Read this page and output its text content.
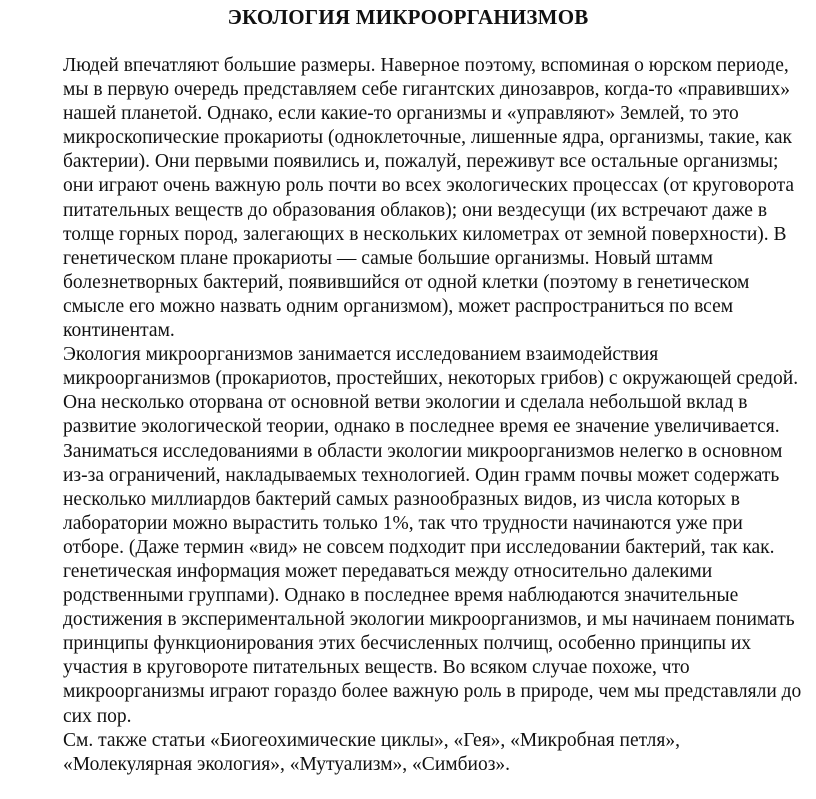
ЭКОЛОГИЯ МИКРООРГАНИЗМОВ

Людей впечатляют большие размеры. Наверное поэтому, вспоминая о юрском периоде, мы в первую очередь представляем себе гигантских динозавров, когда-то «правивших» нашей планетой. Однако, если какие-то организмы и «управляют» Землей, то это микроскопические прокариоты (одноклеточные, лишенные ядра, организмы, такие, как бактерии). Они первыми появились и, пожалуй, переживут все остальные организмы; они играют очень важную роль почти во всех экологических процессах (от круговорота питательных веществ до образования облаков); они вездесущи (их встречают даже в толще горных пород, залегающих в нескольких километрах от земной поверхности). В генетическом плане прокариоты — самые большие организмы. Новый штамм болезнетворных бактерий, появившийся от одной клетки (поэтому в генетическом смысле его можно назвать одним организмом), может распространиться по всем континентам.

Экология микроорганизмов занимается исследованием взаимодействия микроорганизмов (прокариотов, простейших, некоторых грибов) с окружающей средой. Она несколько оторвана от основной ветви экологии и сделала небольшой вклад в развитие экологической теории, однако в последнее время ее значение увеличивается.

Заниматься исследованиями в области экологии микроорганизмов нелегко в основном из-за ограничений, накладываемых технологией. Один грамм почвы может содержать несколько миллиардов бактерий самых разнообразных видов, из числа которых в лаборатории можно вырастить только 1%, так что трудности начинаются уже при отборе. (Даже термин «вид» не совсем подходит при исследовании бактерий, так как. генетическая информация может передаваться между относительно далекими родственными группами). Однако в последнее время наблюдаются значительные достижения в экспериментальной экологии микроорганизмов, и мы начинаем понимать принципы функционирования этих бесчисленных полчищ, особенно принципы их участия в круговороте питательных веществ. Во всяком случае похоже, что микроорганизмы играют гораздо более важную роль в природе, чем мы представляли до сих пор.

См. также статьи «Биогеохимические циклы», «Гея», «Микробная петля», «Молекулярная экология», «Мутуализм», «Симбиоз».
